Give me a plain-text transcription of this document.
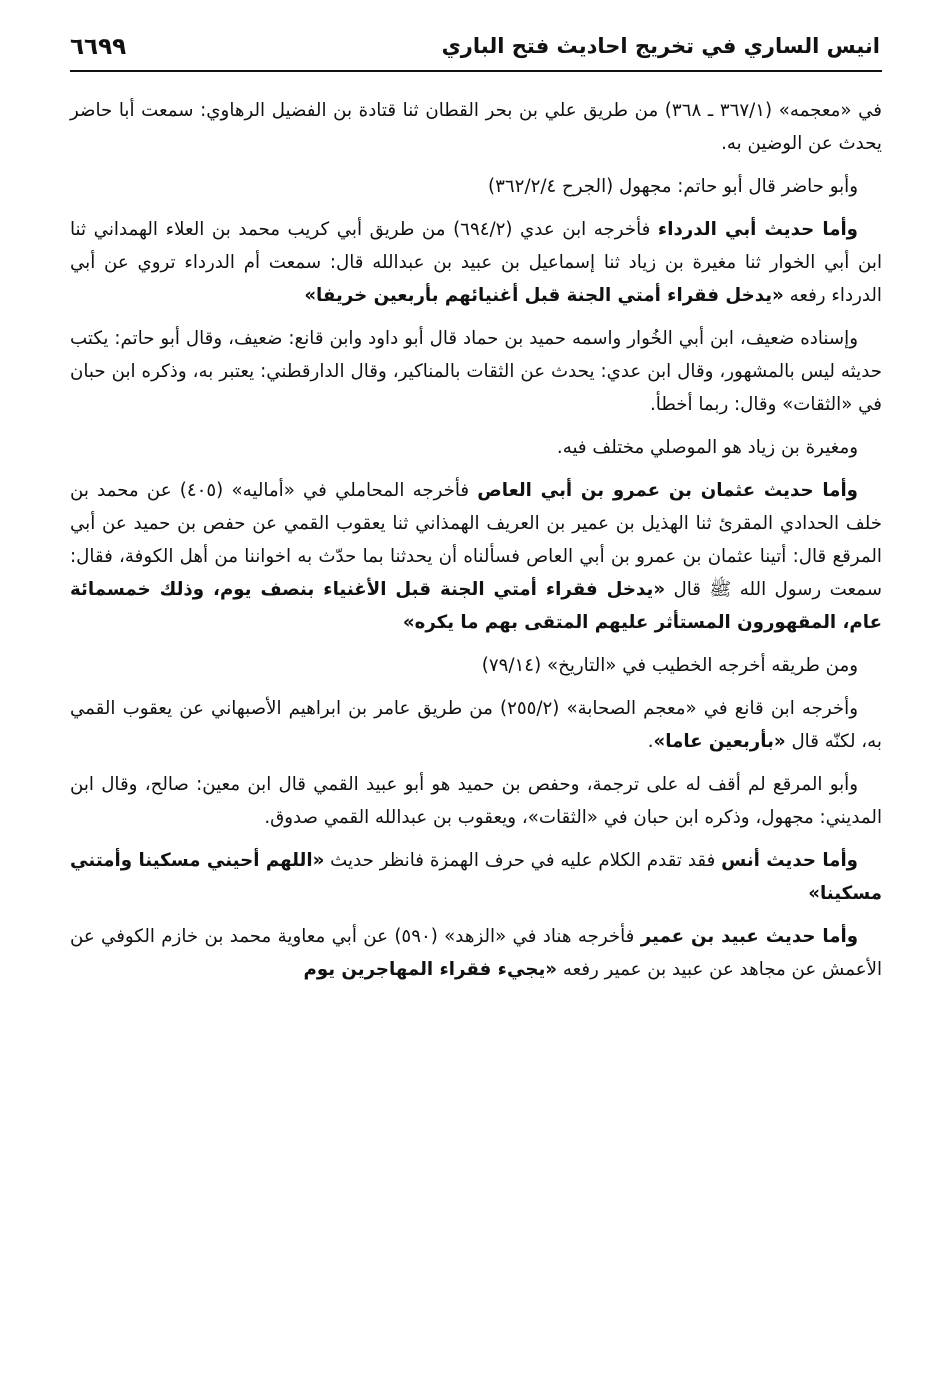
انيس الساري في تخريج احاديث فتح الباري
٦٦٩٩

في «معجمه» (٣٦٧/١ ـ ٣٦٨) من طريق علي بن بحر القطان ثنا قتادة بن الفضيل الرهاوي: سمعت أبا حاضر يحدث عن الوضين به.

وأبو حاضر قال أبو حاتم: مجهول (الجرح ٣٦٢/٢/٤)

وأما حديث أبي الدرداء فأخرجه ابن عدي (٦٩٤/٢) من طريق أبي كريب محمد بن العلاء الهمداني ثنا ابن أبي الخوار ثنا مغيرة بن زياد ثنا إسماعيل بن عبيد بن عبدالله قال: سمعت أم الدرداء تروي عن أبي الدرداء رفعه «يدخل فقراء أمتي الجنة قبل أغنيائهم بأربعين خريفا»

وإسناده ضعيف، ابن أبي الخُوار واسمه حميد بن حماد قال أبو داود وابن قانع: ضعيف، وقال أبو حاتم: يكتب حديثه ليس بالمشهور، وقال ابن عدي: يحدث عن الثقات بالمناكير، وقال الدارقطني: يعتبر به، وذكره ابن حبان في «الثقات» وقال: ربما أخطأ.

ومغيرة بن زياد هو الموصلي مختلف فيه.

وأما حديث عثمان بن عمرو بن أبي العاص فأخرجه المحاملي في «أماليه» (٤٠٥) عن محمد بن خلف الحدادي المقرئ ثنا الهذيل بن عمير بن العريف الهمذاني ثنا يعقوب القمي عن حفص بن حميد عن أبي المرقع قال: أتينا عثمان بن عمرو بن أبي العاص فسألناه أن يحدثنا بما حدّث به اخواننا من أهل الكوفة، فقال: سمعت رسول الله ﷺ قال «يدخل فقراء أمتي الجنة قبل الأغنياء بنصف يوم، وذلك خمسمائة عام، المقهورون المستأثر عليهم المتقى بهم ما يكره»

ومن طريقه أخرجه الخطيب في «التاريخ» (٧٩/١٤)

وأخرجه ابن قانع في «معجم الصحابة» (٢٥٥/٢) من طريق عامر بن ابراهيم الأصبهاني عن يعقوب القمي به، لكنّه قال «بأربعين عاما».

وأبو المرقع لم أقف له على ترجمة، وحفص بن حميد هو أبو عبيد القمي قال ابن معين: صالح، وقال ابن المديني: مجهول، وذكره ابن حبان في «الثقات»، ويعقوب بن عبدالله القمي صدوق.

وأما حديث أنس فقد تقدم الكلام عليه في حرف الهمزة فانظر حديث «اللهم أحيني مسكينا وأمتني مسكينا»

وأما حديث عبيد بن عمير فأخرجه هناد في «الزهد» (٥٩٠) عن أبي معاوية محمد بن خازم الكوفي عن الأعمش عن مجاهد عن عبيد بن عمير رفعه «يجيء فقراء المهاجرين يوم
